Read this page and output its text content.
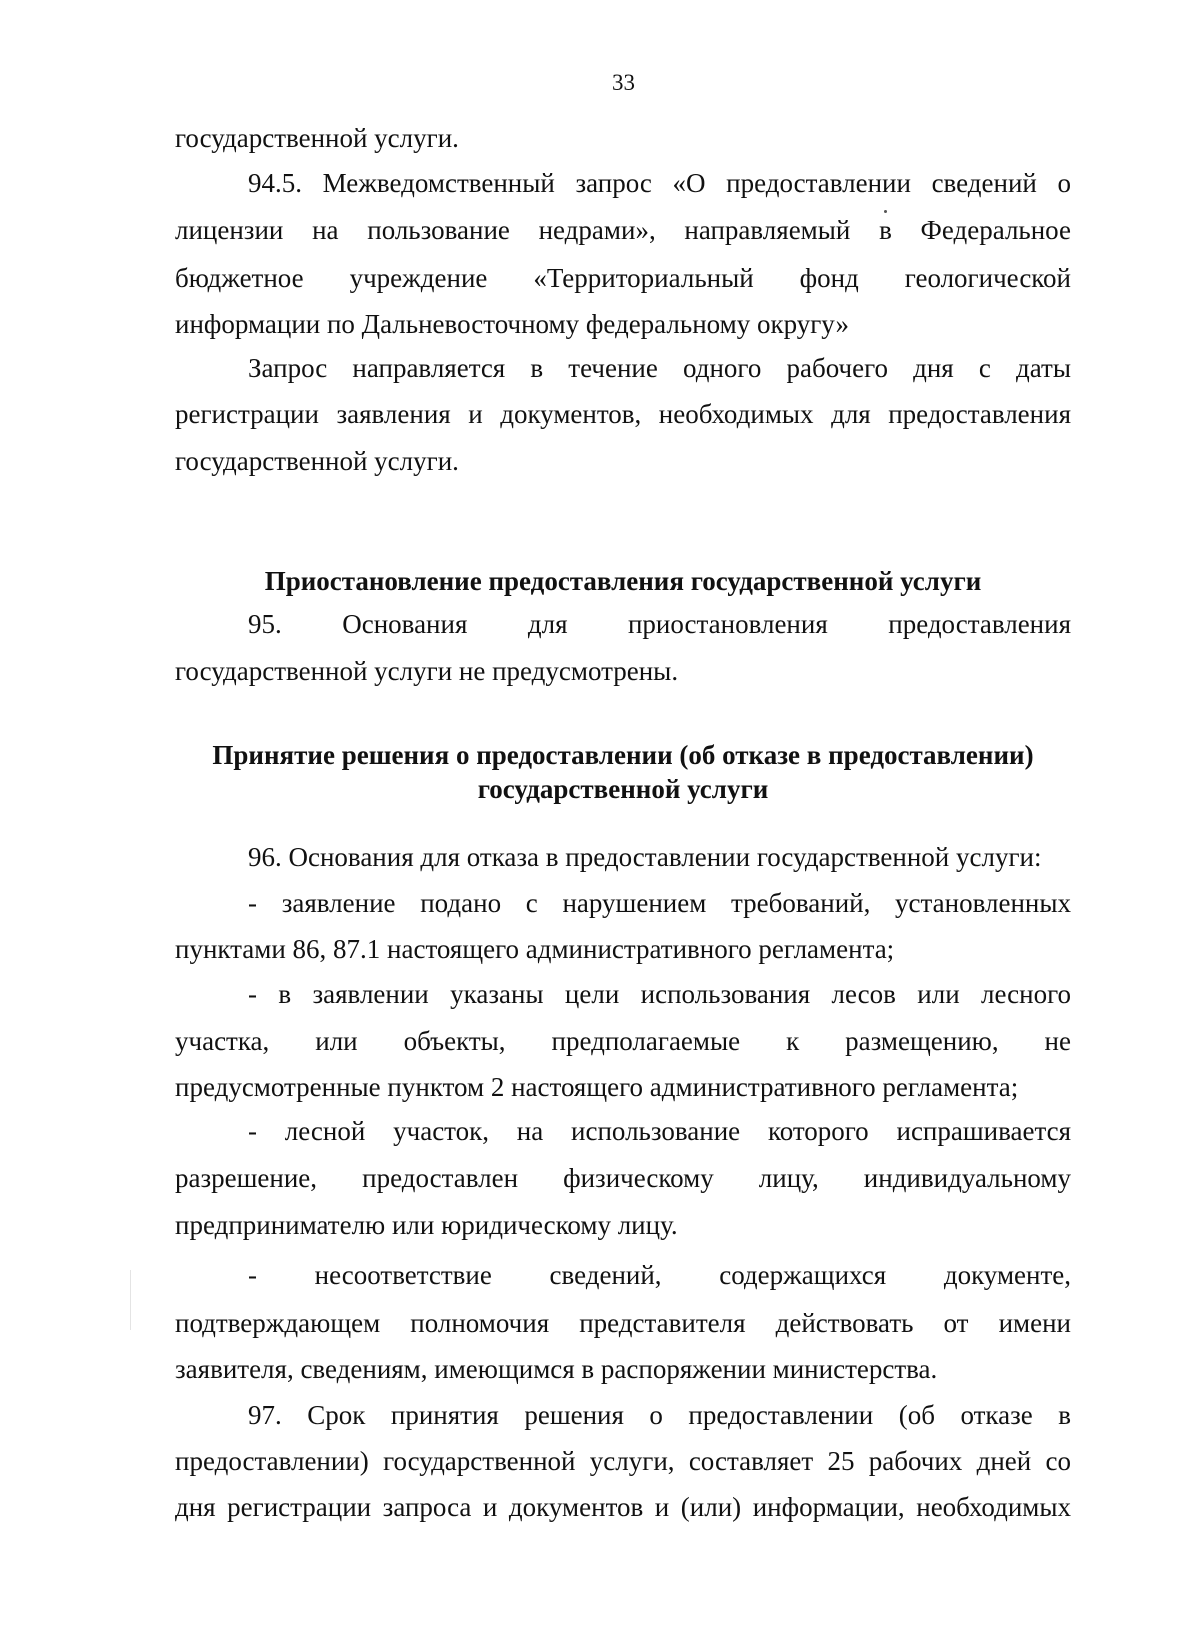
33
государственной услуги.
94.5. Межведомственный запрос «О предоставлении сведений о
лицензии на пользование недрами», направляемый в Федеральное
бюджетное учреждение «Территориальный фонд геологической
информации по Дальневосточному федеральному округу»
Запрос направляется в течение одного рабочего дня с даты
регистрации заявления и документов, необходимых для предоставления
государственной услуги.
Приостановление предоставления государственной услуги
95. Основания для приостановления предоставления
государственной услуги не предусмотрены.
Принятие решения о предоставлении (об отказе в предоставлении)
государственной услуги
96. Основания для отказа в предоставлении государственной услуги:
- заявление подано с нарушением требований, установленных
пунктами 86, 87.1 настоящего административного регламента;
- в заявлении указаны цели использования лесов или лесного
участка, или объекты, предполагаемые к размещению, не
предусмотренные пунктом 2 настоящего административного регламента;
- лесной участок, на использование которого испрашивается
разрешение, предоставлен физическому лицу, индивидуальному
предпринимателю или юридическому лицу.
- несоответствие сведений, содержащихся документе,
подтверждающем полномочия представителя действовать от имени
заявителя, сведениям, имеющимся в распоряжении министерства.
97. Срок принятия решения о предоставлении (об отказе в
предоставлении) государственной услуги, составляет 25 рабочих дней со
дня регистрации запроса и документов и (или) информации, необходимых
